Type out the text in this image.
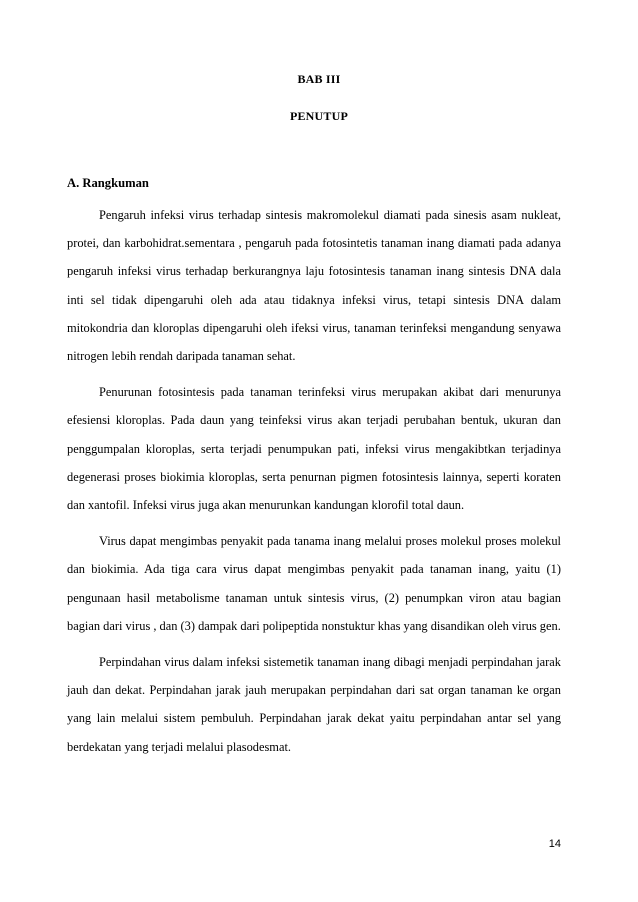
BAB III
PENUTUP
A. Rangkuman

Pengaruh infeksi virus terhadap sintesis makromolekul diamati pada sinesis asam nukleat, protei, dan karbohidrat.sementara , pengaruh pada fotosintetis tanaman inang diamati pada adanya pengaruh infeksi virus terhadap berkurangnya laju fotosintesis tanaman inang sintesis DNA dala inti sel tidak dipengaruhi oleh ada atau tidaknya infeksi virus, tetapi sintesis DNA dalam mitokondria dan kloroplas dipengaruhi oleh ifeksi virus, tanaman terinfeksi mengandung senyawa nitrogen lebih rendah daripada tanaman sehat.

Penurunan fotosintesis pada tanaman terinfeksi virus merupakan akibat dari menurunya efesiensi kloroplas. Pada daun yang teinfeksi virus akan terjadi perubahan bentuk, ukuran dan penggumpalan kloroplas, serta terjadi penumpukan pati, infeksi virus mengakibtkan terjadinya degenerasi proses biokimia kloroplas, serta penurnan pigmen fotosintesis lainnya, seperti koraten dan xantofil. Infeksi virus juga akan menurunkan kandungan klorofil total daun.

Virus dapat mengimbas penyakit pada tanama inang melalui proses molekul proses molekul dan biokimia. Ada tiga cara virus dapat mengimbas penyakit pada tanaman inang, yaitu (1) pengunaan hasil metabolisme tanaman untuk sintesis virus, (2) penumpkan viron atau bagian bagian dari virus , dan (3) dampak dari polipeptida nonstuktur khas yang disandikan oleh virus gen.

Perpindahan virus dalam infeksi sistemetik tanaman inang dibagi menjadi perpindahan jarak jauh dan dekat. Perpindahan jarak jauh merupakan perpindahan dari sat organ tanaman ke organ yang lain melalui sistem pembuluh. Perpindahan jarak dekat yaitu perpindahan antar sel yang berdekatan yang terjadi melalui plasodesmat.

14
